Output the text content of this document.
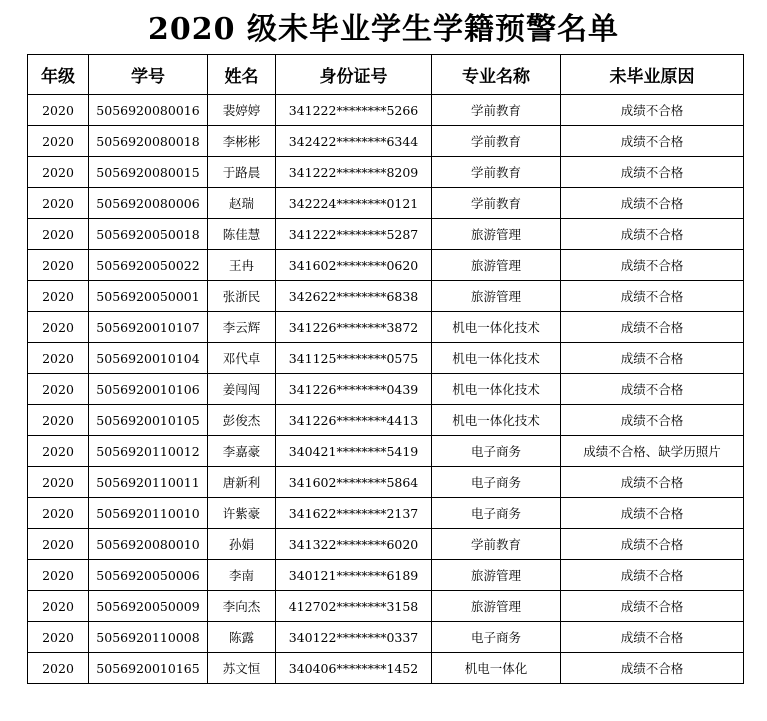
2020 级未毕业学生学籍预警名单
年级	学号	姓名	身份证号	专业名称	未毕业原因
2020	5056920080016	裴婷婷	341222********5266	学前教育	成绩不合格
2020	5056920080018	李彬彬	342422********6344	学前教育	成绩不合格
2020	5056920080015	于路晨	341222********8209	学前教育	成绩不合格
2020	5056920080006	赵瑞	342224********0121	学前教育	成绩不合格
2020	5056920050018	陈佳慧	341222********5287	旅游管理	成绩不合格
2020	5056920050022	王冉	341602********0620	旅游管理	成绩不合格
2020	5056920050001	张浙民	342622********6838	旅游管理	成绩不合格
2020	5056920010107	李云辉	341226********3872	机电一体化技术	成绩不合格
2020	5056920010104	邓代卓	341125********0575	机电一体化技术	成绩不合格
2020	5056920010106	姜闯闯	341226********0439	机电一体化技术	成绩不合格
2020	5056920010105	彭俊杰	341226********4413	机电一体化技术	成绩不合格
2020	5056920110012	李嘉豪	340421********5419	电子商务	成绩不合格、缺学历照片
2020	5056920110011	唐新利	341602********5864	电子商务	成绩不合格
2020	5056920110010	许紫豪	341622********2137	电子商务	成绩不合格
2020	5056920080010	孙娟	341322********6020	学前教育	成绩不合格
2020	5056920050006	李南	340121********6189	旅游管理	成绩不合格
2020	5056920050009	李向杰	412702********3158	旅游管理	成绩不合格
2020	5056920110008	陈露	340122********0337	电子商务	成绩不合格
2020	5056920010165	苏文恒	340406********1452	机电一体化	成绩不合格
